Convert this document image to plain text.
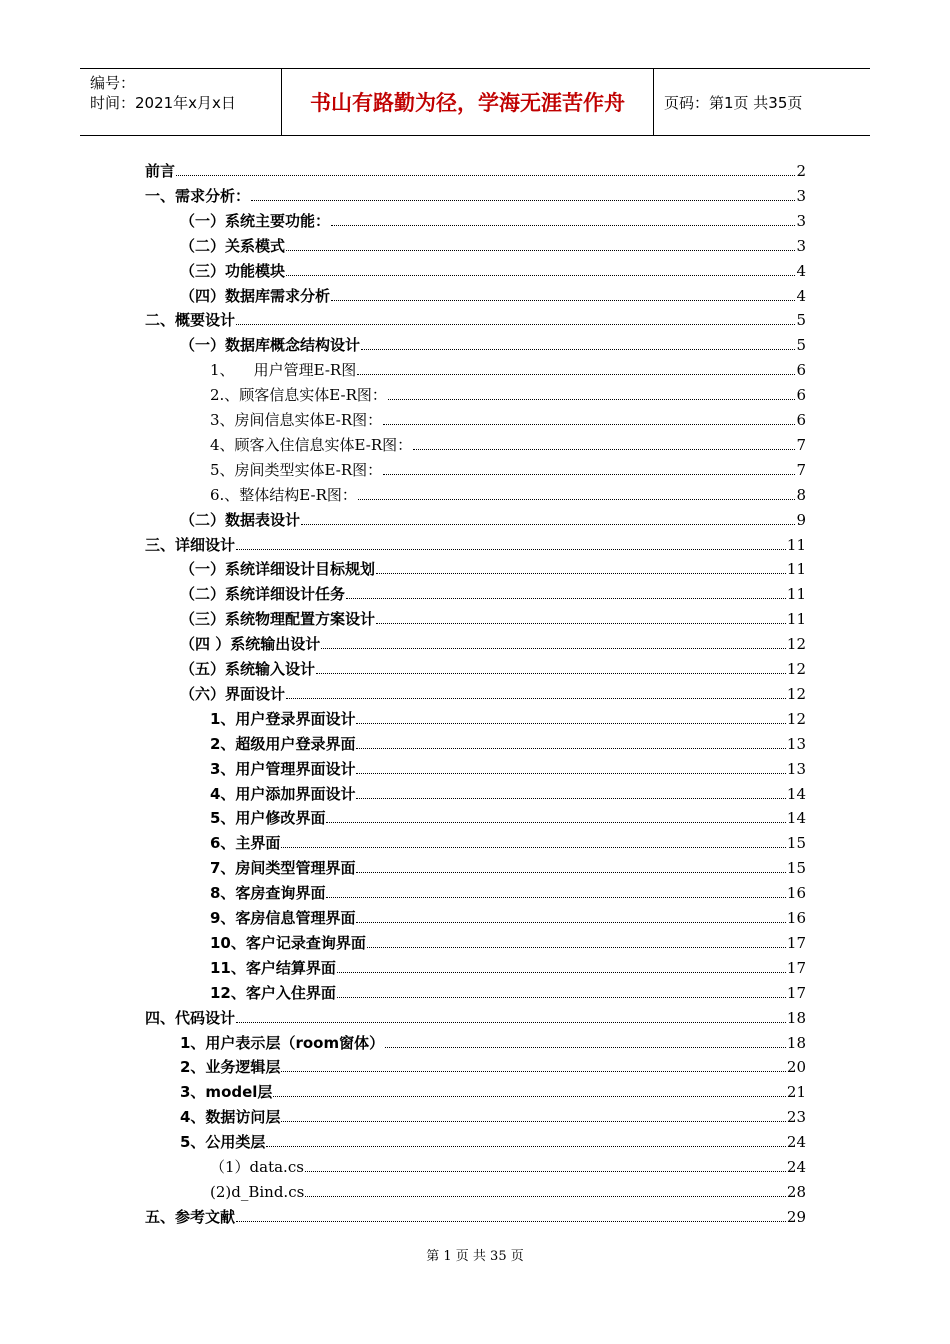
编号：
时间：2021年x月x日	书山有路勤为径，学海无涯苦作舟	页码：第1页 共35页
前言	2
一、需求分析：	3
（一）系统主要功能：	3
（二）关系模式	3
（三）功能模块	4
（四）数据库需求分析	4
二、概要设计	5
（一）数据库概念结构设计	5
1、    用户管理E-R图	6
2.、顾客信息实体E-R图：	6
3、房间信息实体E-R图：	6
4、顾客入住信息实体E-R图：	7
5、房间类型实体E-R图：	7
6.、整体结构E-R图：	8
（二）数据表设计	9
三、详细设计	11
（一）系统详细设计目标规划	11
（二）系统详细设计任务	11
（三）系统物理配置方案设计	11
（四 ）系统输出设计	12
（五）系统输入设计	12
（六）界面设计	12
1、用户登录界面设计	12
2、超级用户登录界面	13
3、用户管理界面设计	13
4、用户添加界面设计	14
5、用户修改界面	14
6、主界面	15
7、房间类型管理界面	15
8、客房查询界面	16
9、客房信息管理界面	16
10、客户记录查询界面	17
11、客户结算界面	17
12、客户入住界面	17
四、代码设计	18
1、用户表示层（room窗体）	18
2、业务逻辑层	20
3、model层	21
4、数据访问层	23
5、公用类层	24
（1）data.cs	24
(2)d_Bind.cs	28
五、参考文献	29
第 1 页 共 35 页
